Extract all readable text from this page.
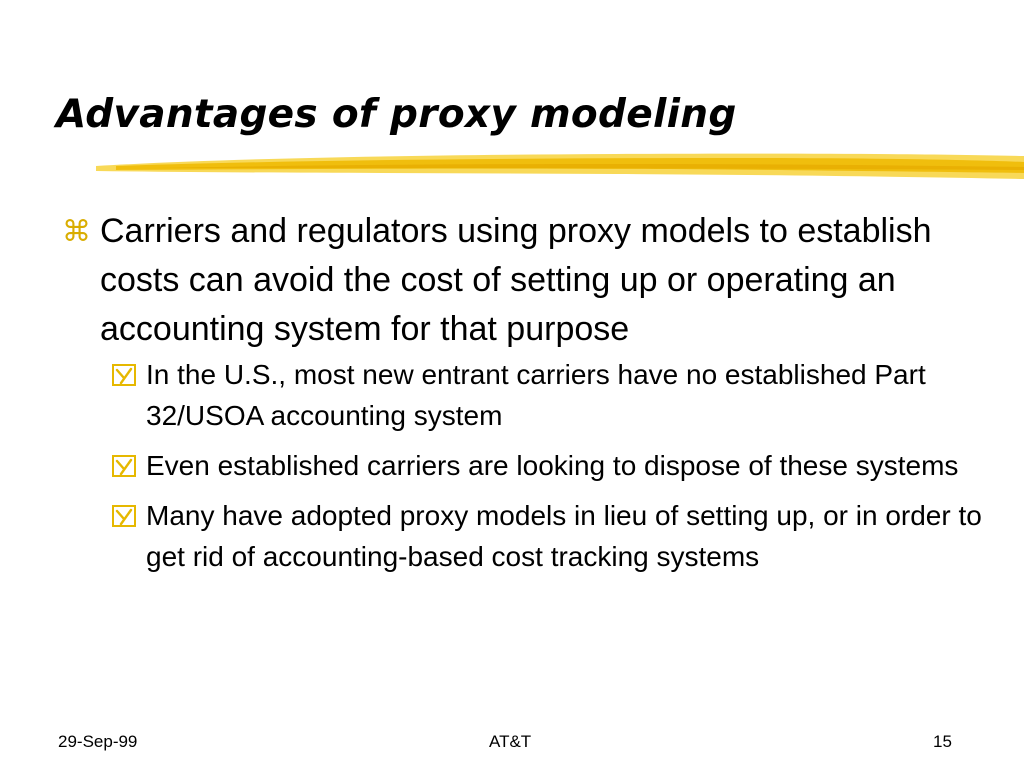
Advantages of proxy modeling
⌘ Carriers and regulators using proxy models to establish costs can avoid the cost of setting up or operating an accounting system for that purpose
In the U.S., most new entrant carriers have no established Part 32/USOA accounting system
Even established carriers are looking to dispose of these systems
Many have adopted proxy models in lieu of setting up, or in order to get rid of accounting-based cost tracking systems
29-Sep-99	AT&T	15
